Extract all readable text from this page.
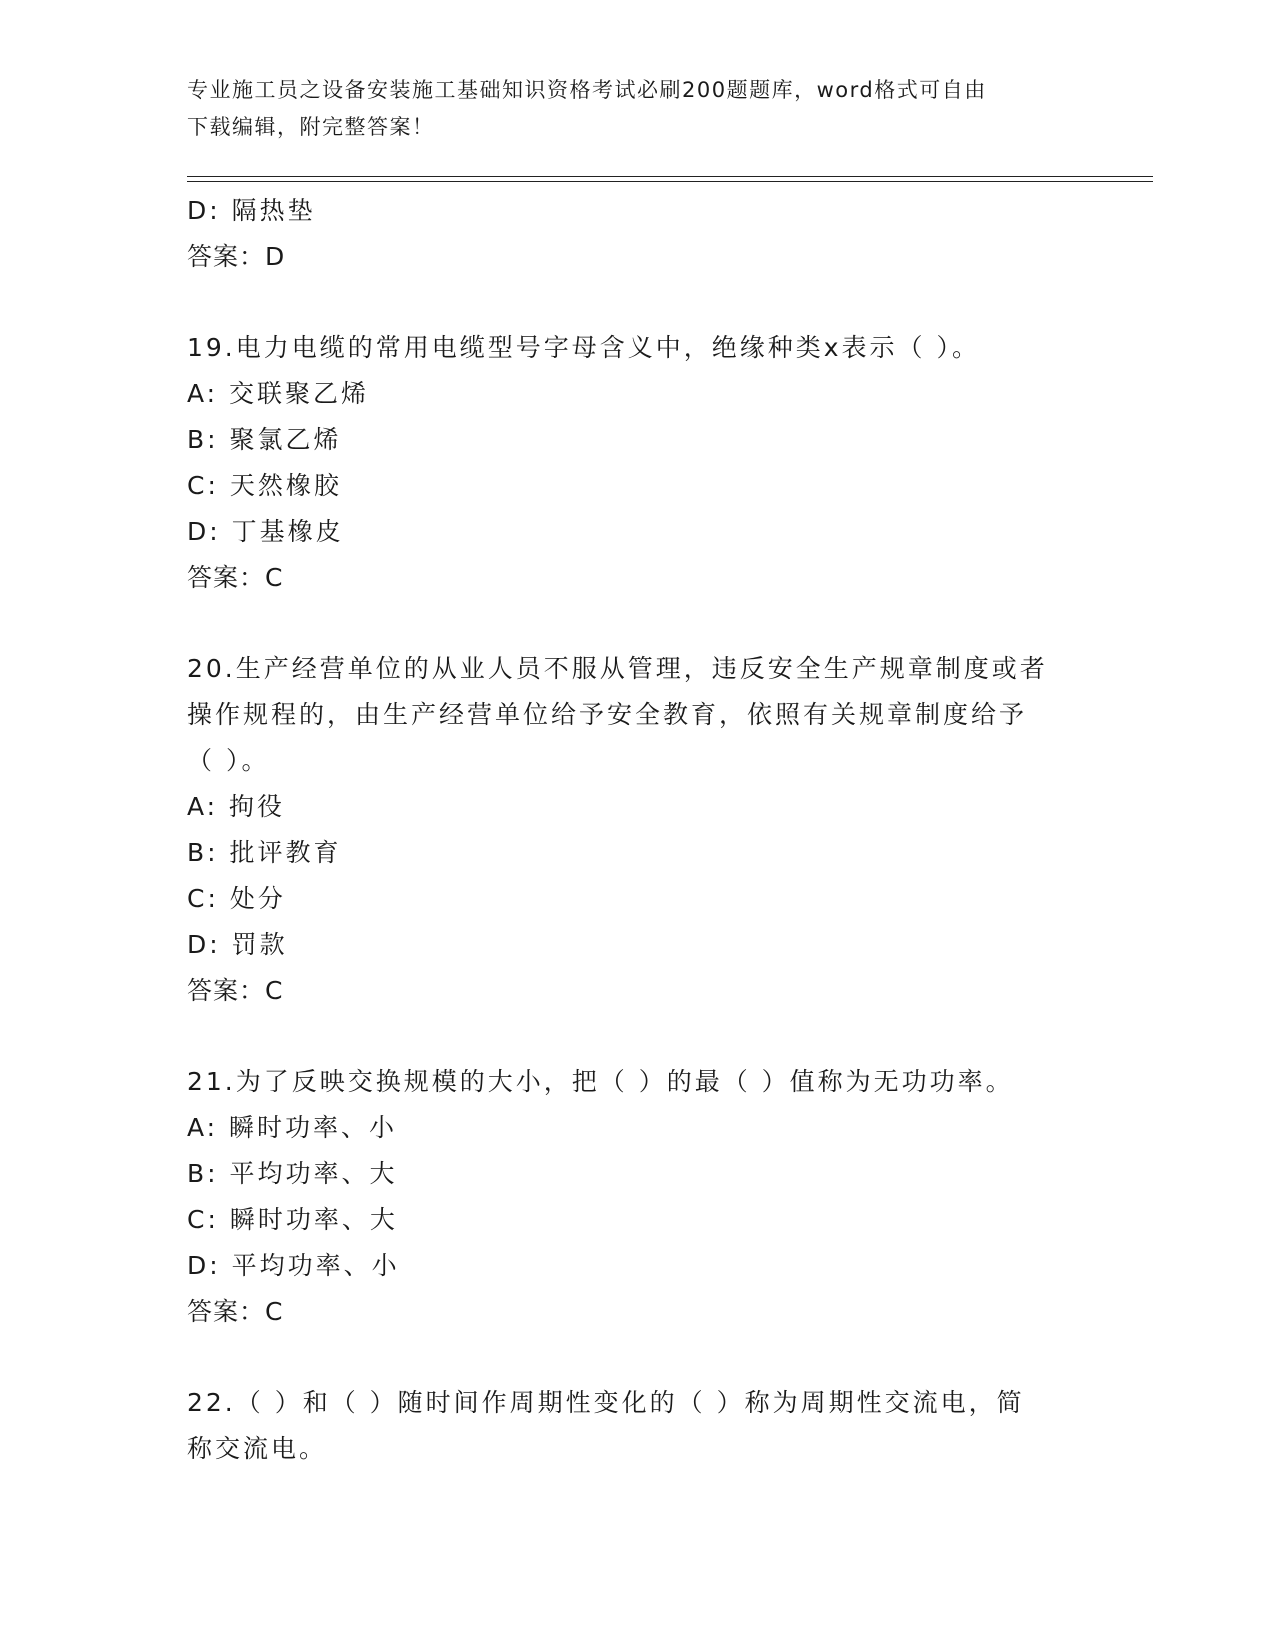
专业施工员之设备安装施工基础知识资格考试必刷200题题库，word格式可自由
下载编辑，附完整答案！
D: 隔热垫
答案：D
19.电力电缆的常用电缆型号字母含义中，绝缘种类x表示（ ）。
A: 交联聚乙烯
B: 聚氯乙烯
C: 天然橡胶
D: 丁基橡皮
答案：C
20.生产经营单位的从业人员不服从管理，违反安全生产规章制度或者
操作规程的，由生产经营单位给予安全教育，依照有关规章制度给予
（ ）。
A: 拘役
B: 批评教育
C: 处分
D: 罚款
答案：C
21.为了反映交换规模的大小，把（ ）的最（ ）值称为无功功率。
A: 瞬时功率、小
B: 平均功率、大
C: 瞬时功率、大
D: 平均功率、小
答案：C
22.（ ）和（ ）随时间作周期性变化的（ ）称为周期性交流电，简
称交流电。
